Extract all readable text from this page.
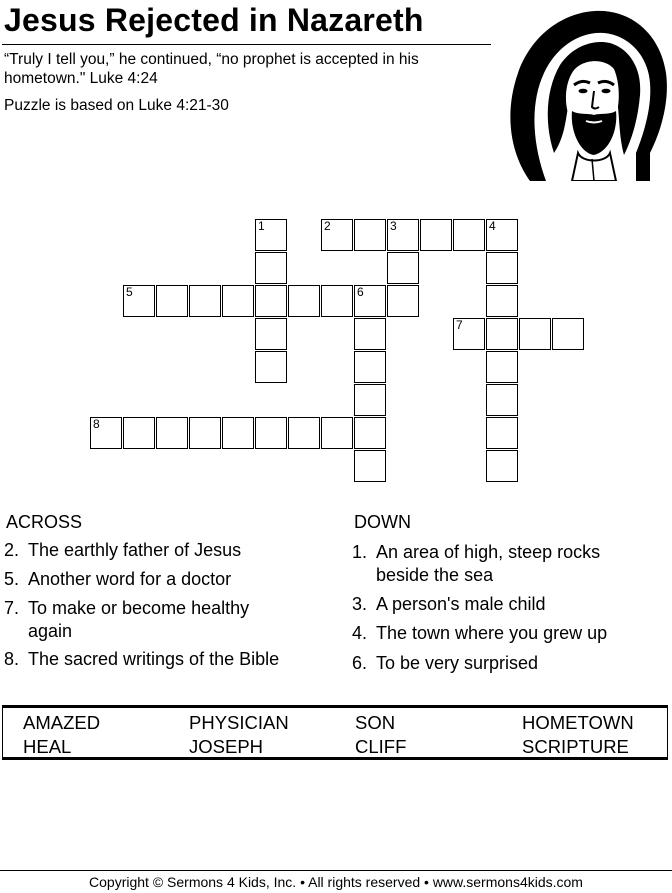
Jesus Rejected in Nazareth
“Truly I tell you,” he continued, “no prophet is accepted in his hometown." Luke 4:24
Puzzle is based on Luke 4:21-30
1	2	3	4
5	6
7
8
ACROSS
2. The earthly father of Jesus
5. Another word for a doctor
7. To make or become healthy again
8. The sacred writings of the Bible
DOWN
1. An area of high, steep rocks beside the sea
3. A person's male child
4. The town where you grew up
6. To be very surprised
AMAZED	PHYSICIAN	SON	HOMETOWN
HEAL	JOSEPH	CLIFF	SCRIPTURE
Copyright © Sermons 4 Kids, Inc. • All rights reserved • www.sermons4kids.com
